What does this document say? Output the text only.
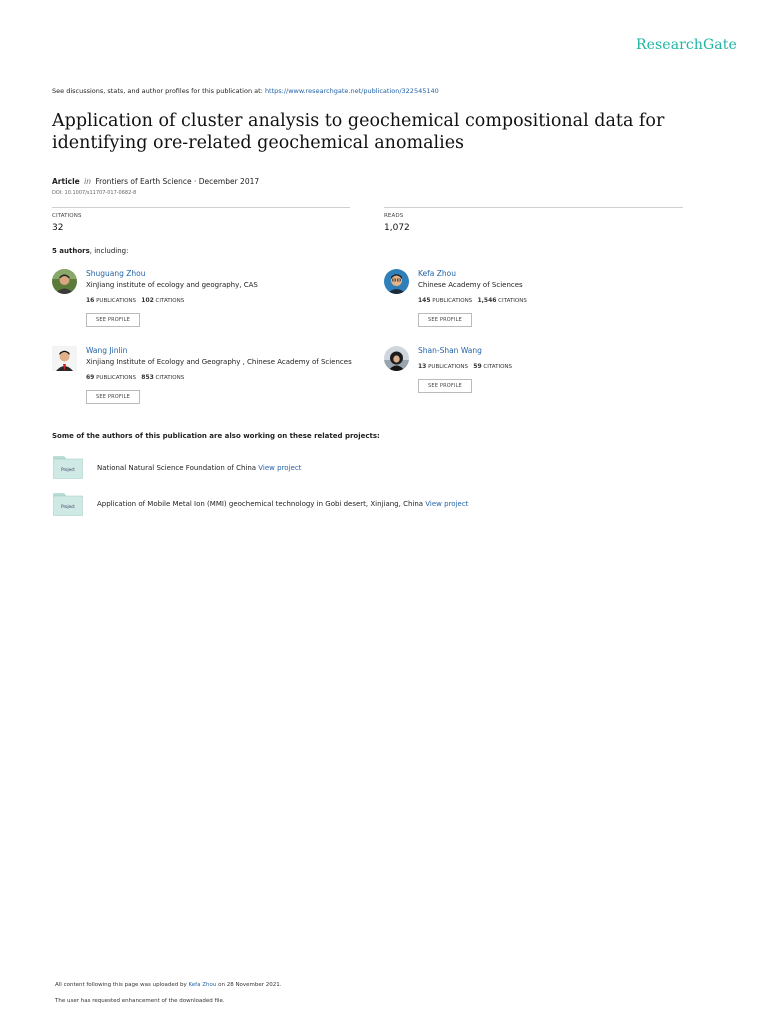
ResearchGate
See discussions, stats, and author profiles for this publication at: https://www.researchgate.net/publication/322545140
Application of cluster analysis to geochemical compositional data for
identifying ore-related geochemical anomalies
Article in Frontiers of Earth Science · December 2017
DOI: 10.1007/s11707-017-0682-8
CITATIONS
32
READS
1,072
5 authors, including:
Shuguang Zhou
XinJiang institute of ecology and geography, CAS
16 PUBLICATIONS 102 CITATIONS
SEE PROFILE
Kefa Zhou
Chinese Academy of Sciences
145 PUBLICATIONS 1,546 CITATIONS
SEE PROFILE
Wang Jinlin
Xinjiang Institute of Ecology and Geography , Chinese Academy of Sciences
69 PUBLICATIONS 853 CITATIONS
SEE PROFILE
Shan-Shan Wang
13 PUBLICATIONS 59 CITATIONS
SEE PROFILE
Some of the authors of this publication are also working on these related projects:
Project	National Natural Science Foundation of China View project
Project	Application of Mobile Metal Ion (MMI) geochemical technology in Gobi desert, Xinjiang, China View project
All content following this page was uploaded by Kefa Zhou on 28 November 2021.
The user has requested enhancement of the downloaded file.
